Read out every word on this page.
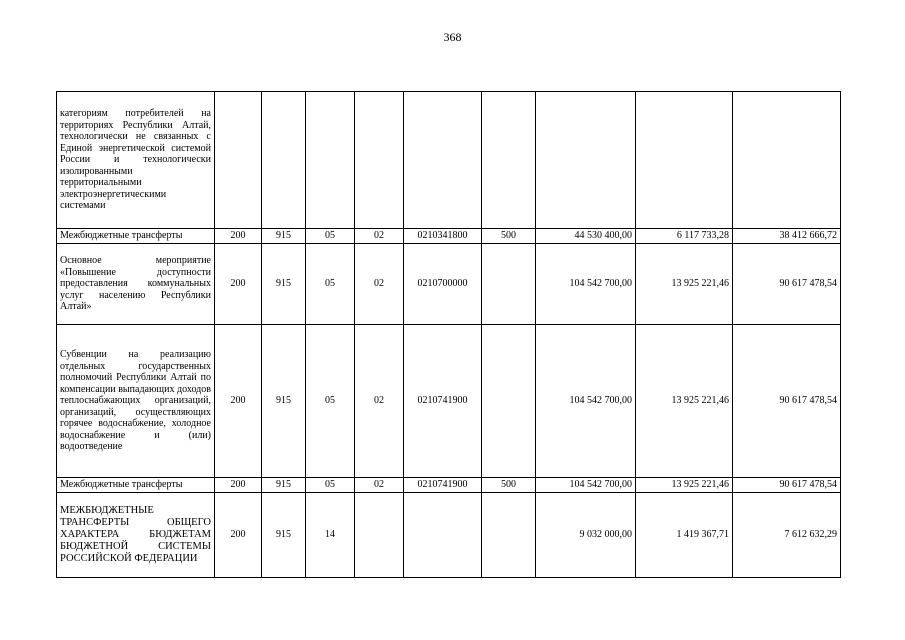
368
категориям потребителей на территориях Республики Алтай, технологически не связанных с Единой энергетической системой России и технологически изолированными территориальными электроэнергетическими системами									
Межбюджетные трансферты	200	915	05	02	0210341800	500	44 530 400,00	6 117 733,28	38 412 666,72
Основное мероприятие «Повышение доступности предоставления коммунальных услуг населению Республики Алтай»	200	915	05	02	0210700000		104 542 700,00	13 925 221,46	90 617 478,54
Субвенции на реализацию отдельных государственных полномочий Республики Алтай по компенсации выпадающих доходов теплоснабжающих организаций, организаций, осуществляющих горячее водоснабжение, холодное водоснабжение и (или) водоотведение	200	915	05	02	0210741900		104 542 700,00	13 925 221,46	90 617 478,54
Межбюджетные трансферты	200	915	05	02	0210741900	500	104 542 700,00	13 925 221,46	90 617 478,54
МЕЖБЮДЖЕТНЫЕ ТРАНСФЕРТЫ ОБЩЕГО ХАРАКТЕРА БЮДЖЕТАМ БЮДЖЕТНОЙ СИСТЕМЫ РОССИЙСКОЙ ФЕДЕРАЦИИ	200	915	14				9 032 000,00	1 419 367,71	7 612 632,29
